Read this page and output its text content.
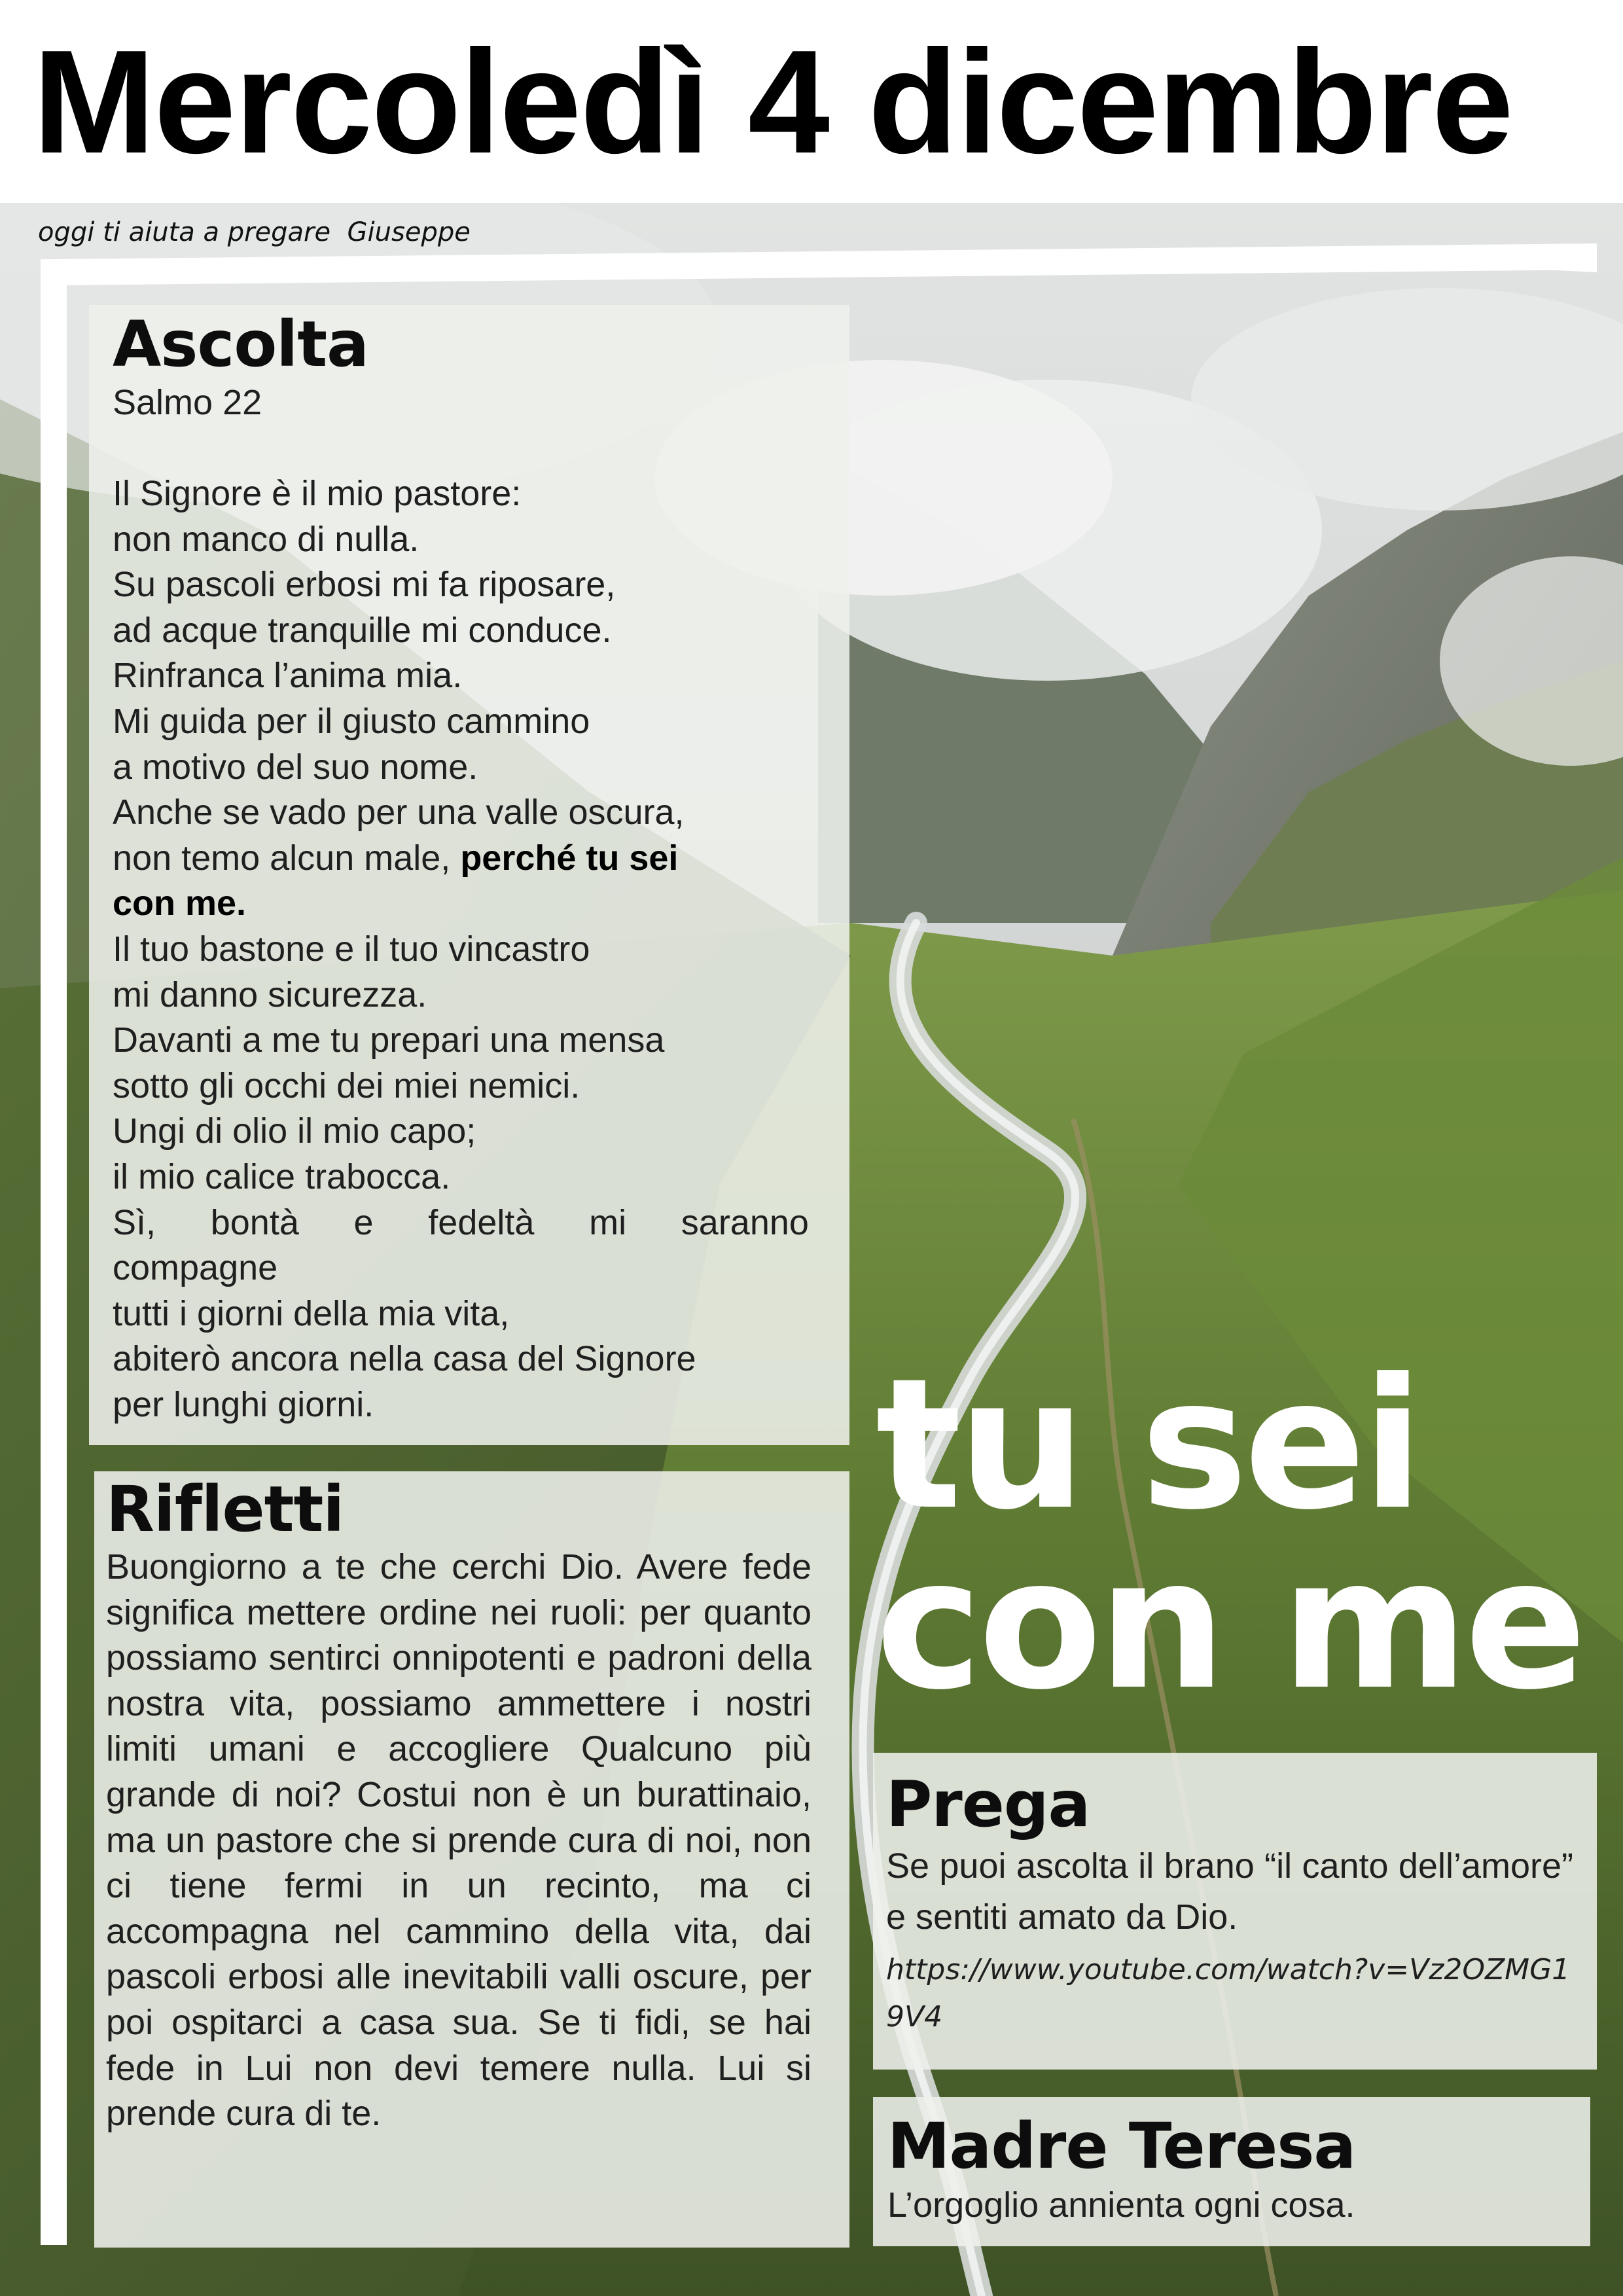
Mercoledì 4 dicembre
oggi ti aiuta a pregare  Giuseppe
Ascolta
Salmo 22
Il Signore è il mio pastore:
non manco di nulla.
Su pascoli erbosi mi fa riposare,
ad acque tranquille mi conduce.
Rinfranca l’anima mia.
Mi guida per il giusto cammino
a motivo del suo nome.
Anche se vado per una valle oscura,
non temo alcun male, perché tu sei
con me.
Il tuo bastone e il tuo vincastro
mi danno sicurezza.
Davanti a me tu prepari una mensa
sotto gli occhi dei miei nemici.
Ungi di olio il mio capo;
il mio calice trabocca.
Sì, bontà e fedeltà mi saranno
compagne
tutti i giorni della mia vita,
abiterò ancora nella casa del Signore
per lunghi giorni.
Rifletti

Buongiorno a te che cerchi Dio. Avere fede significa mettere ordine nei ruoli: per quanto possiamo sentirci onnipotenti e padroni della nostra vita, possiamo ammettere i nostri limiti umani e accogliere Qualcuno più grande di noi? Costui non è un burattinaio, ma un pastore che si prende cura di noi, non ci tiene fermi in un recinto, ma ci accompagna nel cammino della vita, dai pascoli erbosi alle inevitabili valli oscure, per poi ospitarci a casa sua. Se ti fidi, se hai fede in Lui non devi temere nulla. Lui si prende cura di te.

tu sei
con me
Prega

Se puoi ascolta il brano “il canto dell’amore” e sentiti amato da Dio.

https://www.youtube.com/watch?v=Vz2OZMG19V4
Madre Teresa

L’orgoglio annienta ogni cosa.
